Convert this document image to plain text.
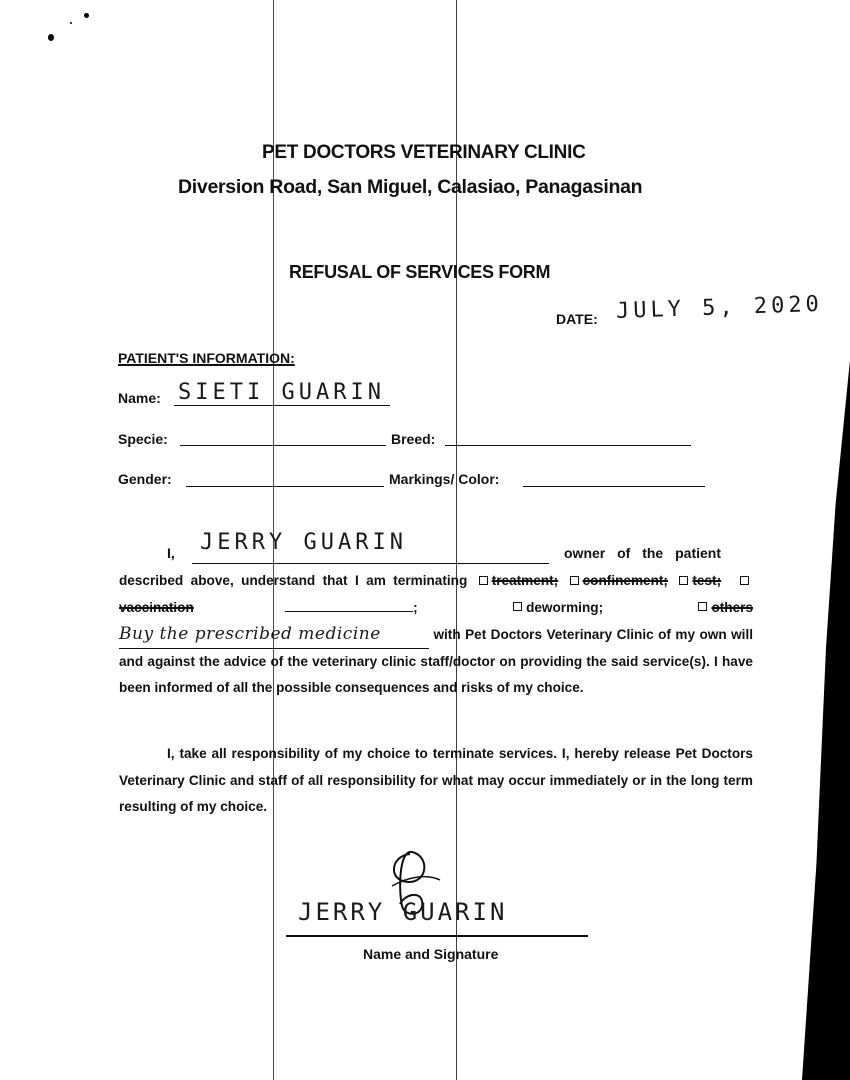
PET DOCTORS VETERINARY CLINIC
Diversion Road, San Miguel, Calasiao, Panagasinan
REFUSAL OF SERVICES FORM
DATE: JULY 5, 2020
PATIENT'S INFORMATION:
Name: SIETI GUARIN
Specie:	Breed:
Gender:	Markings/ Color:
I, JERRY GUARIN	owner of the patient
described above, understand that I am terminating treatment; confinement; test;  vaccination	; deworming;	others Buy the prescribed medicine	with Pet Doctors Veterinary Clinic of my own will and against the advice of the veterinary clinic staff/doctor on providing the said service(s). I have been informed of all the possible consequences and risks of my choice.
I, take all responsibility of my choice to terminate services. I, hereby release Pet Doctors Veterinary Clinic and staff of all responsibility for what may occur immediately or in the long term resulting of my choice.
JERRY GUARIN
Name and Signature
